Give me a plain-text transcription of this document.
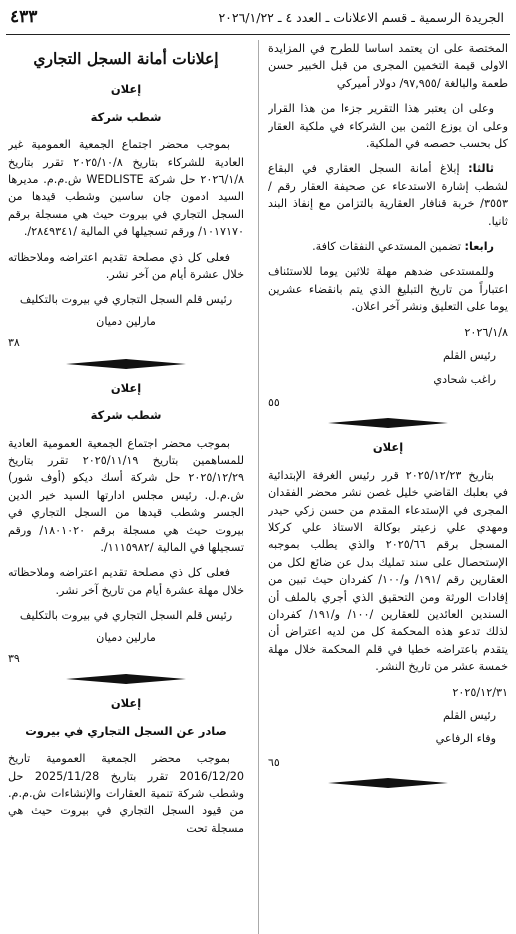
الجريدة الرسمية ـ قسم الاعلانات ـ العدد ٤ ـ ٢٠٢٦/١/٢٢
٤٣٣

المختصة على ان يعتمد اساسا للطرح في المزايدة الاولى قيمة التخمين المجرى من قبل الخبير حسن طعمة والبالغة /٩٧,٩٥٥/ دولار أميركي

وعلى ان يعتبر هذا التقرير جزءا من هذا القرار وعلى ان يوزع الثمن بين الشركاء في ملكية العقار كل بحسب حصصه في الملكية.

ثالثا: إبلاغ أمانة السجل العقاري في البقاع لشطب إشارة الاستدعاء عن صحيفة العقار رقم /٣٥٥٣/ خربة قنافار العقارية بالتزامن مع إنفاذ البند ثانيا.

رابعا: تضمين المستدعي النفقات كافة.

وللمستدعى ضدهم مهلة ثلاثين يوما للاستئناف اعتباراً من تاريخ التبليغ الذي يتم بانقضاء عشرين يوما على التعليق ونشر آخر اعلان.

٢٠٢٦/١/٨
رئيس القلم
راغب شحادي
٥٥
إعلان

بتاريخ ٢٠٢٥/١٢/٢٣ قرر رئيس الغرفة الإبتدائية في بعلبك القاضي خليل غصن نشر محضر الفقدان المجرى في الإستدعاء المقدم من حسن زكي حيدر ومهدي علي زعيتر بوكالة الاستاذ علي كركلا المسجل برقم ٢٠٢٥/٦٦ والذي يطلب بموجبه الإستحصال على سند تمليك بدل عن ضائع لكل من العقارين رقم /١٩١/ و/١٠٠/ كفردان حيث تبين من إفادات الورثة ومن التحقيق الذي أجري بالملف أن السندين العائدين للعقارين /١٠٠/ و/١٩١/ كفردان لذلك تدعو هذه المحكمة كل من لديه اعتراض أن يتقدم باعتراضه خطيا في قلم المحكمة خلال مهلة خمسة عشر من تاريخ النشر.

٢٠٢٥/١٢/٣١
رئيس القلم
وفاء الرفاعي
٦٥
إعلانات أمانة السجل التجاري
إعلان
شطب شركة

بموجب محضر اجتماع الجمعية العمومية غير العادية للشركاء بتاريخ ٢٠٢٥/١٠/٨ تقرر بتاريخ ٢٠٢٦/١/٨ حل شركة WEDLISTE ش.م.م. مديرها السيد ادمون جان ساسين وشطب قيدها من السجل التجاري في بيروت حيث هي مسجلة برقم ١٠١٧١٧٠/ ورقم تسجيلها في المالية /٢٨٤٩٣٤١/.

فعلى كل ذي مصلحة تقديم اعتراضه وملاحظاته خلال عشرة أيام من آخر نشر.

رئيس قلم السجل التجاري في بيروت بالتكليف
مارلين دميان
٣٨
إعلان
شطب شركة

بموجب محضر اجتماع الجمعية العمومية العادية للمساهمين بتاريخ ٢٠٢٥/١١/١٩ تقرر بتاريخ ٢٠٢٥/١٢/٢٩ حل شركة أسك ديكو (أوف شور) ش.م.ل. رئيس مجلس ادارتها السيد خير الدين الجسر وشطب قيدها من السجل التجاري في بيروت حيث هي مسجلة برقم ١٨٠١٠٢٠/ ورقم تسجيلها في المالية /١١١٥٩٨٢/.

فعلى كل ذي مصلحة تقديم اعتراضه وملاحظاته خلال مهلة عشرة أيام من تاريخ آخر نشر.

رئيس قلم السجل التجاري في بيروت بالتكليف
مارلين دميان
٣٩
إعلان
صادر عن السجل التجاري في بيروت

بموجب محضر الجمعية العمومية تاريخ 2016/12/20 تقرر بتاريخ 2025/11/28 حل وشطب شركة تنمية العقارات والإنشاءات ش.م.م. من قيود السجل التجاري في بيروت حيث هي مسجلة تحت
